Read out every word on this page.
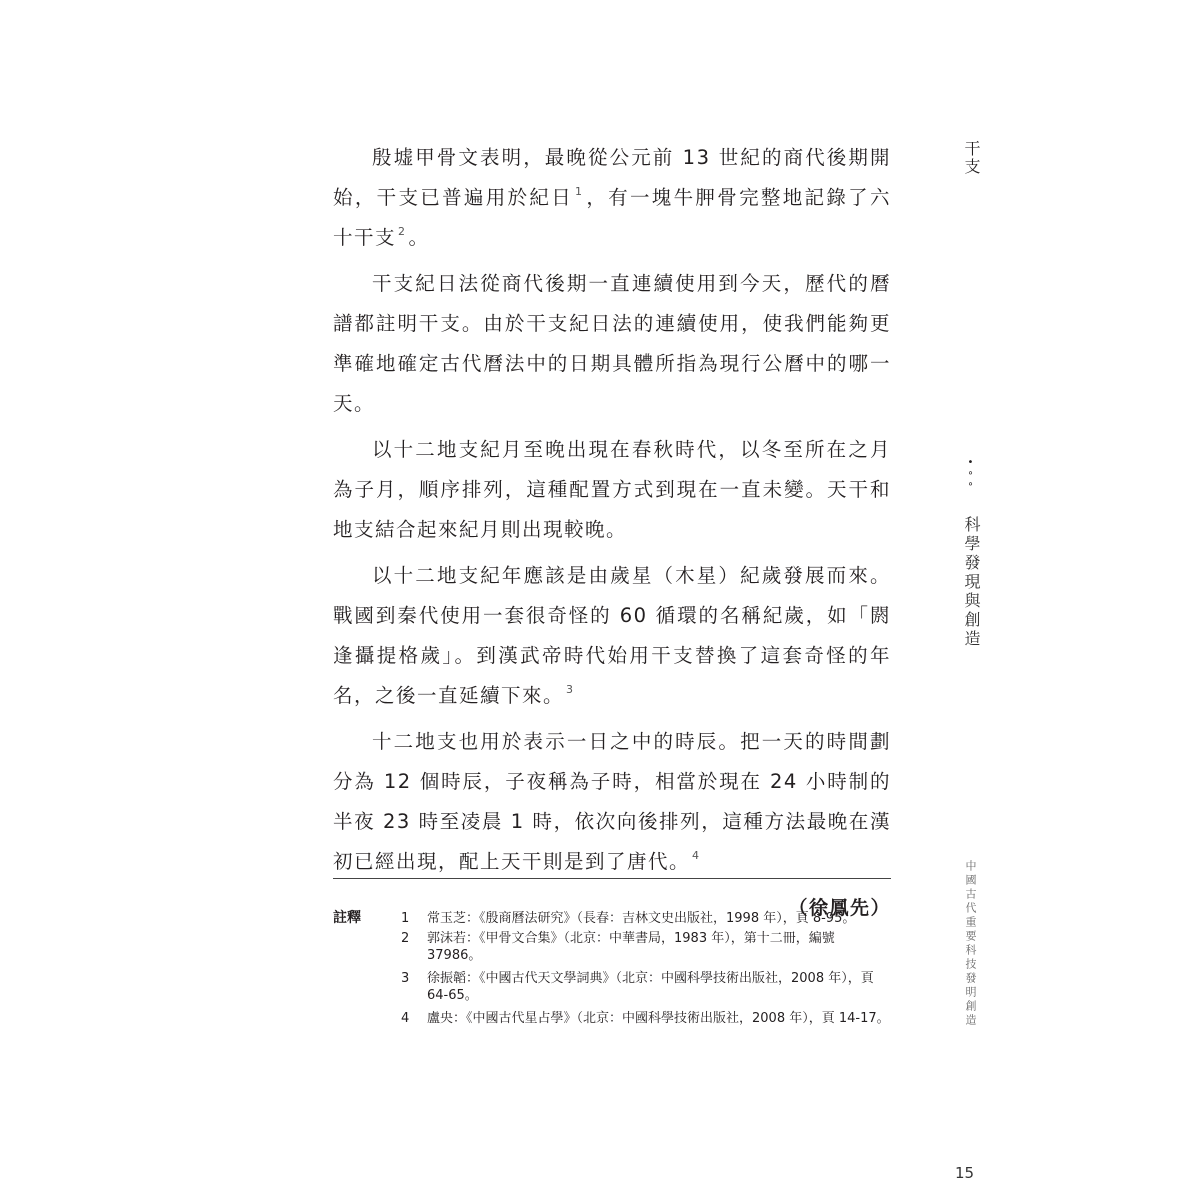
殷墟甲骨文表明，最晚從公元前 13 世紀的商代後期開始，干支已普遍用於紀日 $^1$ ，有一塊牛胛骨完整地記錄了六十干支 $^2$ 。

干支紀日法從商代後期一直連續使用到今天，歷代的曆譜都註明干支。由於干支紀日法的連續使用，使我們能夠更準確地確定古代曆法中的日期具體所指為現行公曆中的哪一天。

以十二地支紀月至晚出現在春秋時代，以冬至所在之月為子月，順序排列，這種配置方式到現在一直未變。天干和地支結合起來紀月則出現較晚。

以十二地支紀年應該是由歲星（木星）紀歲發展而來。戰國到秦代使用一套很奇怪的 60 循環的名稱紀歲，如「閼逢攝提格歲」。到漢武帝時代始用干支替換了這套奇怪的年名，之後一直延續下來。 $^3$

十二地支也用於表示一日之中的時辰。把一天的時間劃分為 12 個時辰，子夜稱為子時，相當於現在 24 小時制的半夜 23 時至凌晨 1 時，依次向後排列，這種方法最晚在漢初已經出現，配上天干則是到了唐代。 $^4$

（徐鳳先）
註釋	1 常玉芝：《殷商曆法研究》（長春：吉林文史出版社，1998 年），頁 8-95。
2 郭沫若：《甲骨文合集》（北京：中華書局，1983 年），第十二冊，編號 37986。
3 徐振韜：《中國古代天文學詞典》（北京：中國科學技術出版社，2008 年），頁 64-65。
4 盧央：《中國古代星占學》（北京：中國科學技術出版社，2008 年），頁 14-17。
干支
•∘∘
科學發現與創造
中國古代重要科技發明創造
15
